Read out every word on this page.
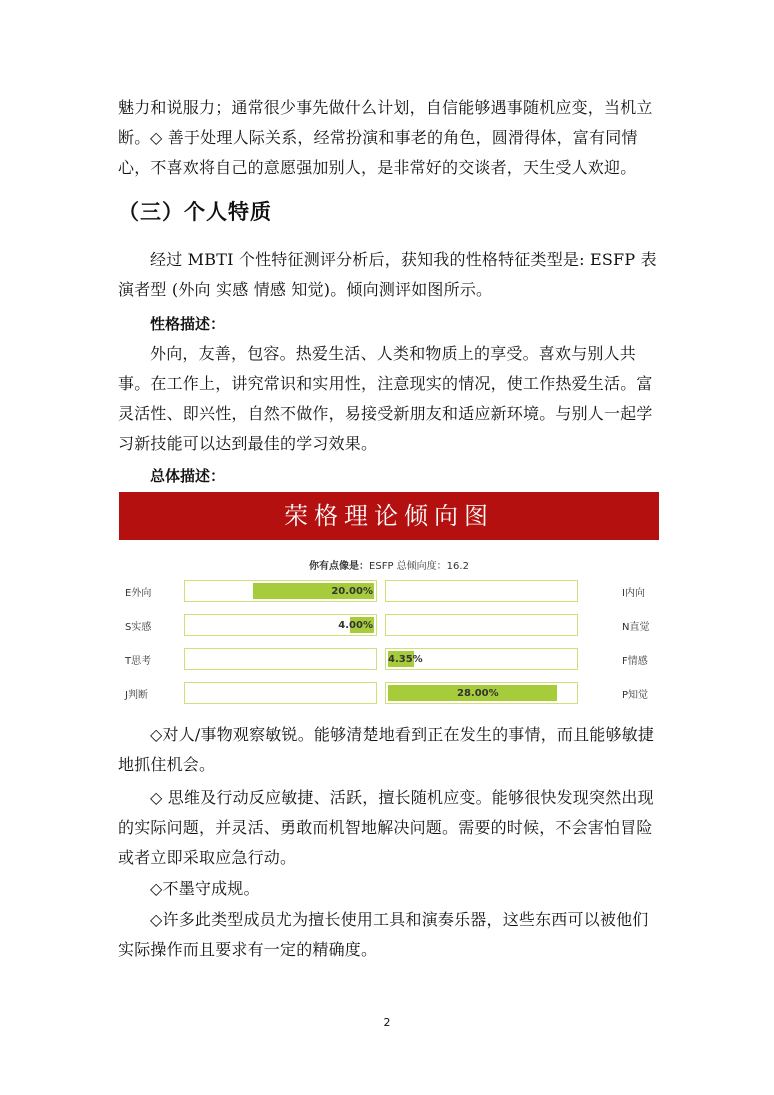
魅力和说服力；通常很少事先做什么计划，自信能够遇事随机应变，当机立断。 ◇ 善于处理人际关系，经常扮演和事老的角色，圆滑得体，富有同情心，不喜欢将自己的意愿强加别人，是非常好的交谈者，天生受人欢迎。

（三）个人特质

经过 MBTI 个性特征测评分析后，获知我的性格特征类型是: ESFP 表演者型 (外向 实感 情感 知觉)。倾向测评如图所示。

性格描述：

外向，友善，包容。热爱生活、人类和物质上的享受。喜欢与别人共事。在工作上，讲究常识和实用性，注意现实的情况，使工作热爱生活。富灵活性、即兴性，自然不做作，易接受新朋友和适应新环境。与别人一起学习新技能可以达到最佳的学习效果。

总体描述：

荣格理论倾向图
你有点像是：ESFP 总倾向度：16.2
E外向	I内向
20.00%
S实感	N直觉
4.00%
T思考	F情感
4.35%
J判断	P知觉
28.00%

◇对人/事物观察敏锐。能够清楚地看到正在发生的事情，而且能够敏捷地抓住机会。

◇ 思维及行动反应敏捷、活跃，擅长随机应变。能够很快发现突然出现的实际问题，并灵活、勇敢而机智地解决问题。需要的时候，不会害怕冒险或者立即采取应急行动。

◇不墨守成规。

◇许多此类型成员尤为擅长使用工具和演奏乐器，这些东西可以被他们实际操作而且要求有一定的精确度。

2
